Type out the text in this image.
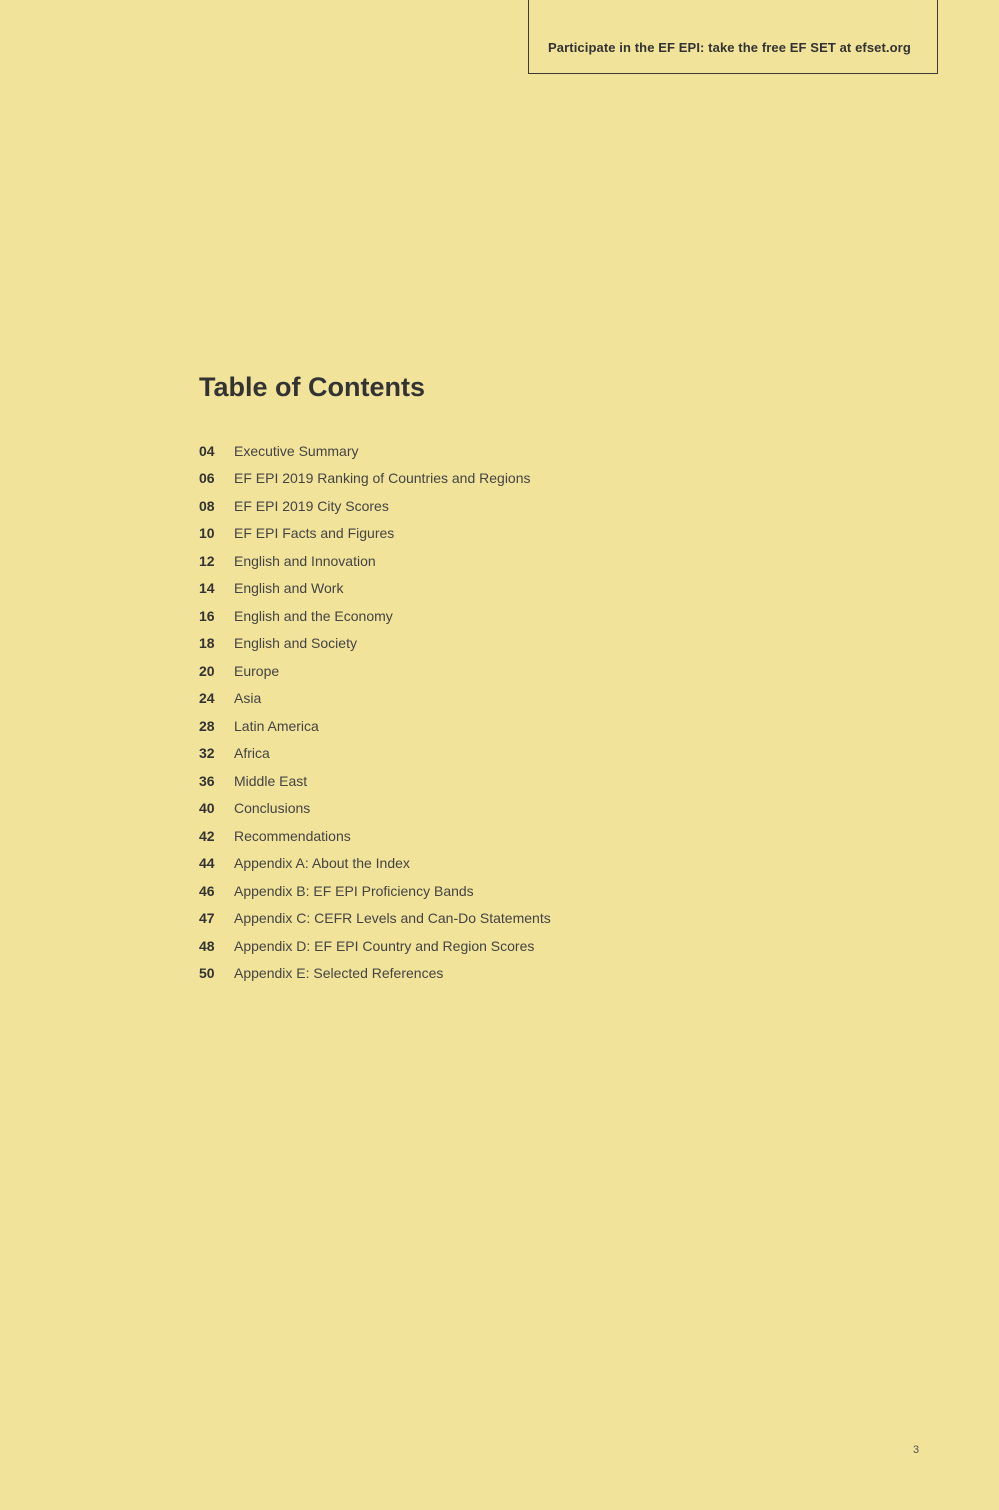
Participate in the EF EPI: take the free EF SET at efset.org
Table of Contents
04	Executive Summary
06	EF EPI 2019 Ranking of Countries and Regions
08	EF EPI 2019 City Scores
10	EF EPI Facts and Figures
12	English and Innovation
14	English and Work
16	English and the Economy
18	English and Society
20	Europe
24	Asia
28	Latin America
32	Africa
36	Middle East
40	Conclusions
42	Recommendations
44	Appendix A: About the Index
46	Appendix B: EF EPI Proficiency Bands
47	Appendix C: CEFR Levels and Can-Do Statements
48	Appendix D: EF EPI Country and Region Scores
50	Appendix E: Selected References
3
